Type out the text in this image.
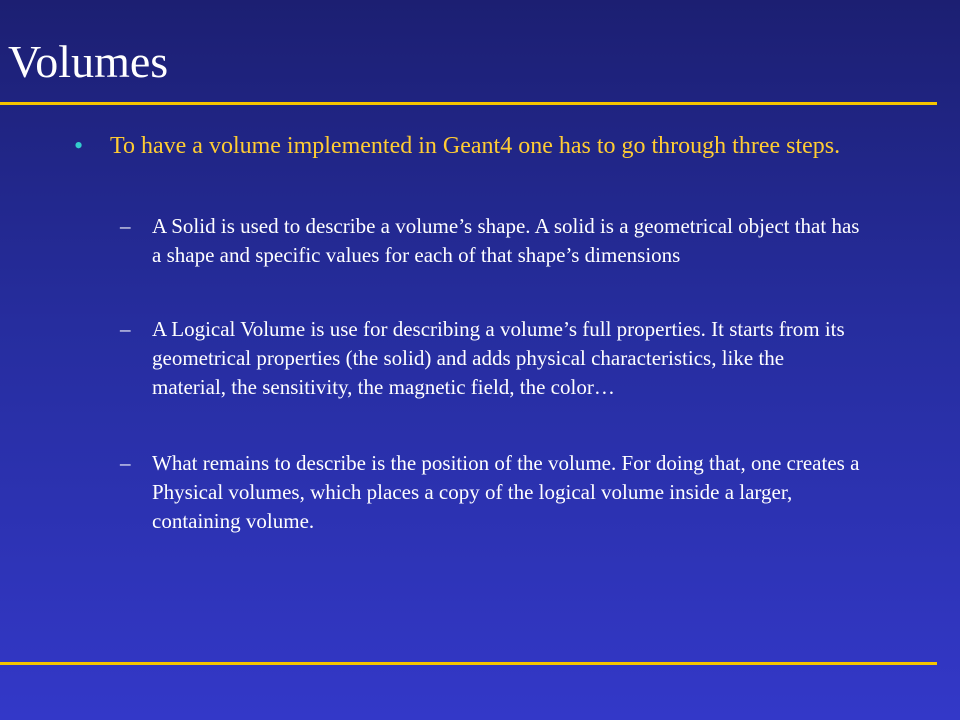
Volumes
• To have a volume implemented in Geant4 one has to go through three steps.
– A Solid is used to describe a volume’s shape. A solid is a geometrical object that has a shape and specific values for each of that shape’s dimensions
– A Logical Volume is use for describing a volume’s full properties. It starts from its geometrical properties (the solid) and adds physical characteristics, like the material, the sensitivity, the magnetic field, the color…
– What remains to describe is the position of the volume. For doing that, one creates a Physical volumes, which places a copy of the logical volume inside a larger, containing volume.
